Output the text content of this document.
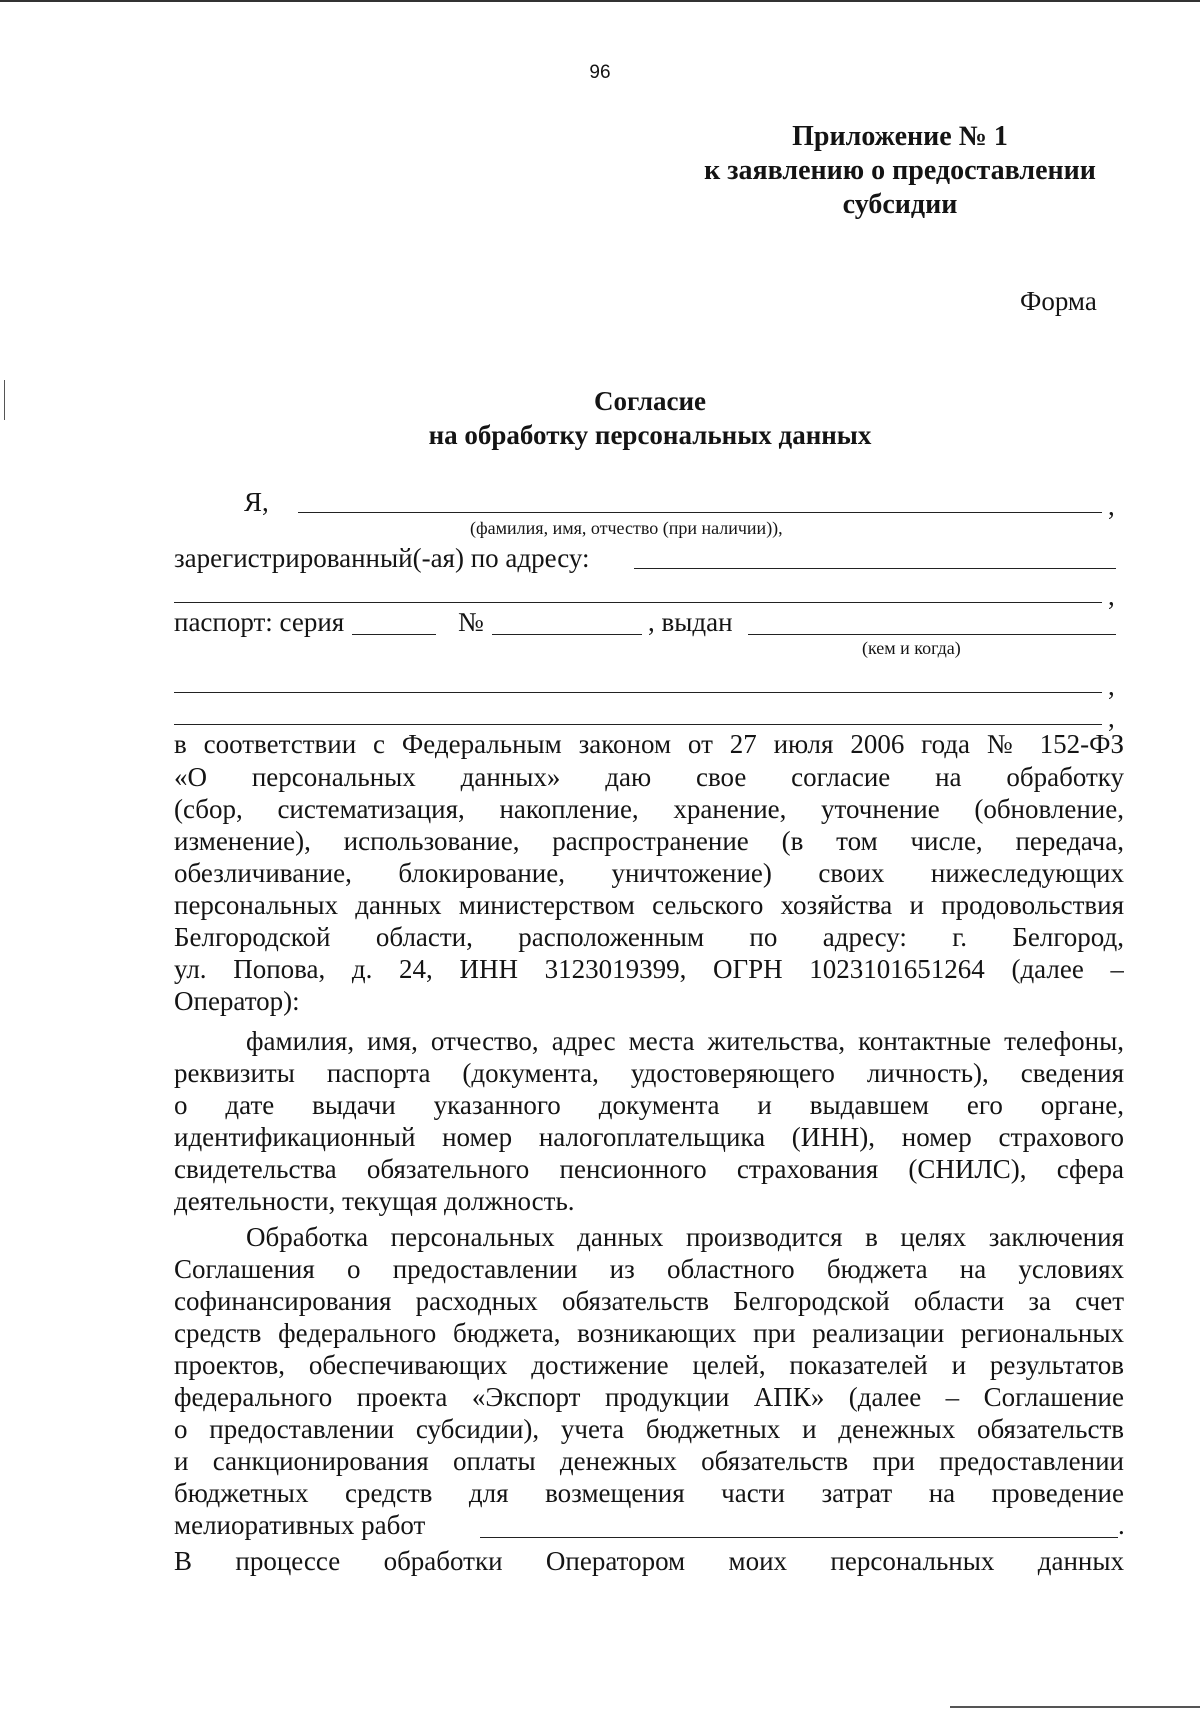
96
Приложение № 1
к заявлению о предоставлении
субсидии
Форма
Согласие
на обработку персональных данных
Я,	,
(фамилия, имя, отчество (при наличии)),
зарегистрированный(-ая) по адресу:
,
паспорт: серия	№	, выдан
(кем и когда)
,
,
в соответствии с Федеральным законом от 27 июля 2006 года № 152-ФЗ
«О персональных данных» даю свое согласие на обработку
(сбор, систематизация, накопление, хранение, уточнение (обновление,
изменение), использование, распространение (в том числе, передача,
обезличивание, блокирование, уничтожение) своих нижеследующих
персональных данных министерством сельского хозяйства и продовольствия
Белгородской области, расположенным по адресу: г. Белгород,
ул. Попова, д. 24, ИНН 3123019399, ОГРН 1023101651264 (далее –
Оператор):
фамилия, имя, отчество, адрес места жительства, контактные телефоны,
реквизиты паспорта (документа, удостоверяющего личность), сведения
о дате выдачи указанного документа и выдавшем его органе,
идентификационный номер налогоплательщика (ИНН), номер страхового
свидетельства обязательного пенсионного страхования (СНИЛС), сфера
деятельности, текущая должность.
Обработка персональных данных производится в целях заключения
Соглашения о предоставлении из областного бюджета на условиях
софинансирования расходных обязательств Белгородской области за счет
средств федерального бюджета, возникающих при реализации региональных
проектов, обеспечивающих достижение целей, показателей и результатов
федерального проекта «Экспорт продукции АПК» (далее – Соглашение
о предоставлении субсидии), учета бюджетных и денежных обязательств
и санкционирования оплаты денежных обязательств при предоставлении
бюджетных средств для возмещения части затрат на проведение
мелиоративных работ	.
В процессе обработки Оператором моих персональных данных
